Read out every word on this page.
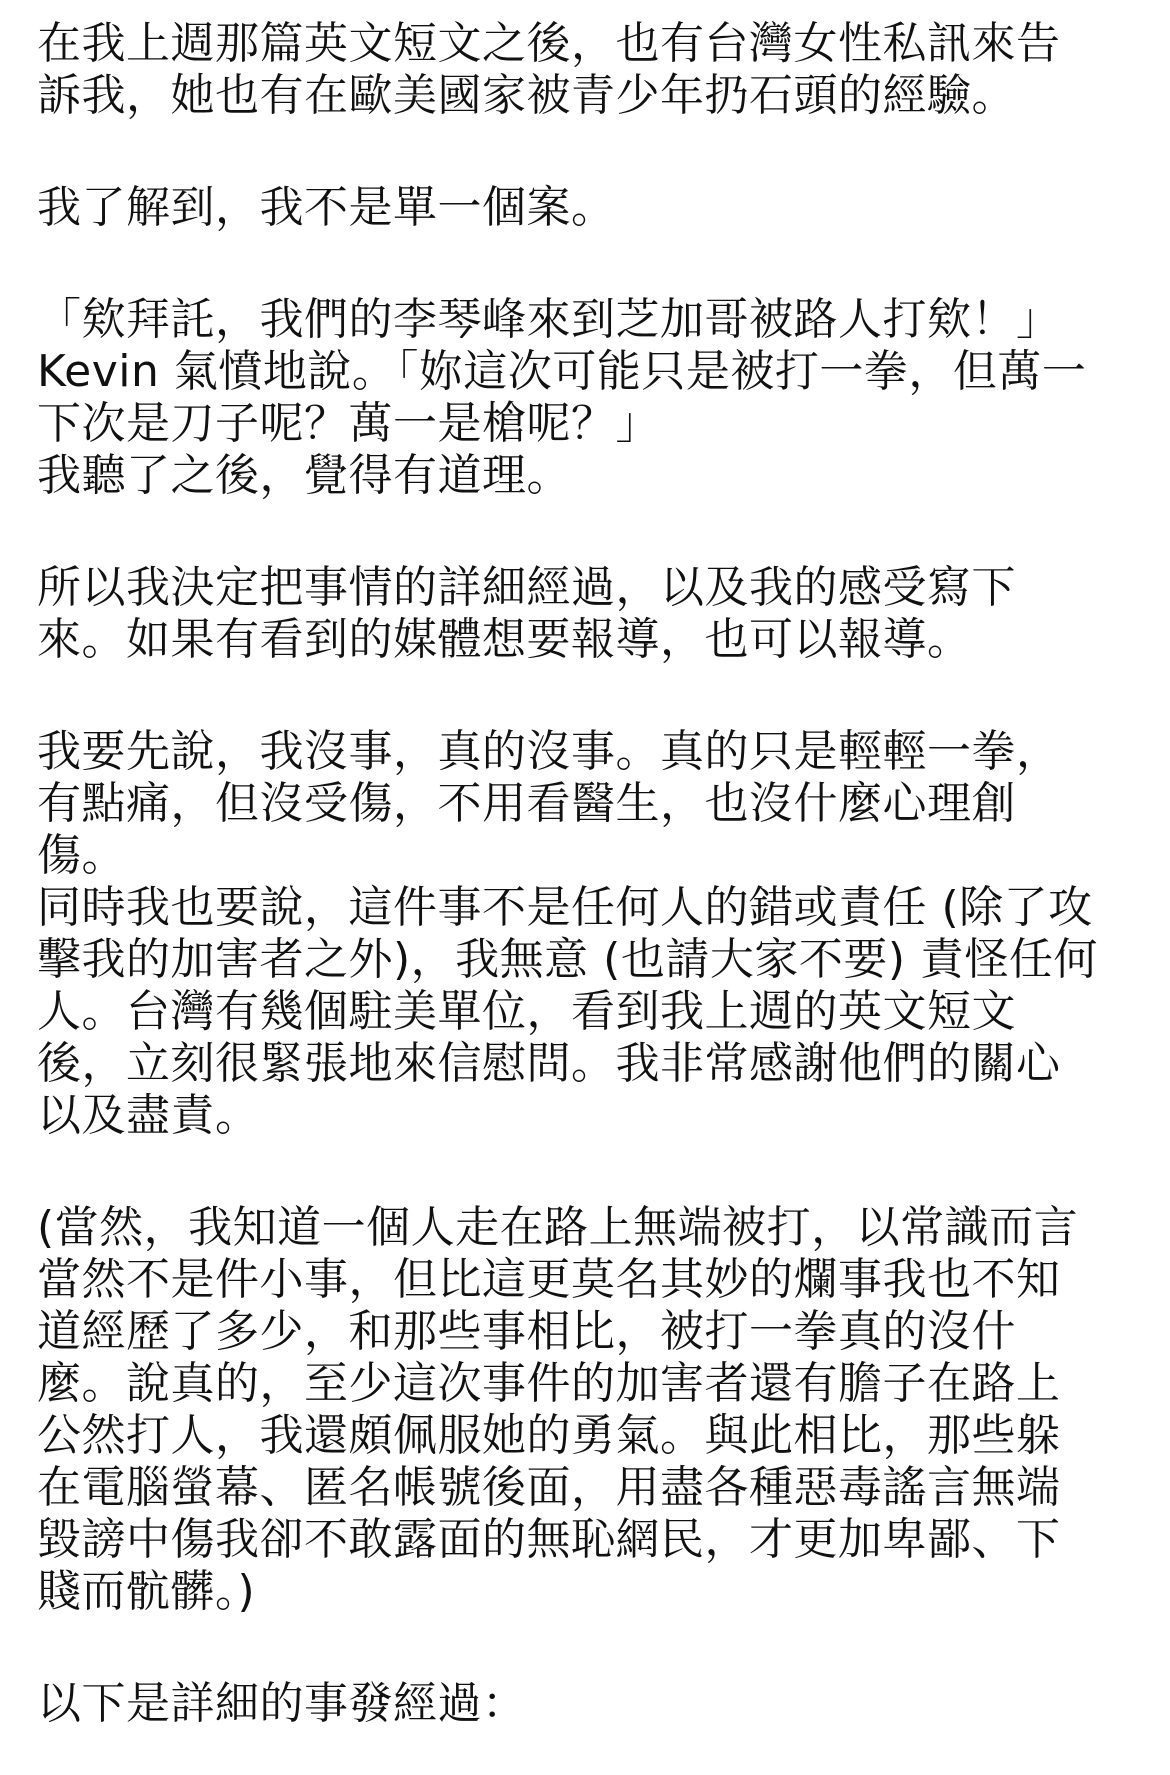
在我上週那篇英文短文之後，也有台灣女性私訊來告
訴我，她也有在歐美國家被青少年扔石頭的經驗。
我了解到，我不是單一個案。
「欸拜託，我們的李琴峰來到芝加哥被路人打欸！」
Kevin 氣憤地說。「妳這次可能只是被打一拳，但萬一
下次是刀子呢？萬一是槍呢？」
我聽了之後，覺得有道理。
所以我決定把事情的詳細經過，以及我的感受寫下
來。如果有看到的媒體想要報導，也可以報導。
我要先說，我沒事，真的沒事。真的只是輕輕一拳，
有點痛，但沒受傷，不用看醫生，也沒什麼心理創
傷。
同時我也要說，這件事不是任何人的錯或責任 (除了攻
擊我的加害者之外)，我無意 (也請大家不要) 責怪任何
人。台灣有幾個駐美單位，看到我上週的英文短文
後，立刻很緊張地來信慰問。我非常感謝他們的關心
以及盡責。
(當然，我知道一個人走在路上無端被打，以常識而言
當然不是件小事，但比這更莫名其妙的爛事我也不知
道經歷了多少，和那些事相比，被打一拳真的沒什
麼。說真的，至少這次事件的加害者還有膽子在路上
公然打人，我還頗佩服她的勇氣。與此相比，那些躲
在電腦螢幕、匿名帳號後面，用盡各種惡毒謠言無端
毀謗中傷我卻不敢露面的無恥網民，才更加卑鄙、下
賤而骯髒。)
以下是詳細的事發經過：
